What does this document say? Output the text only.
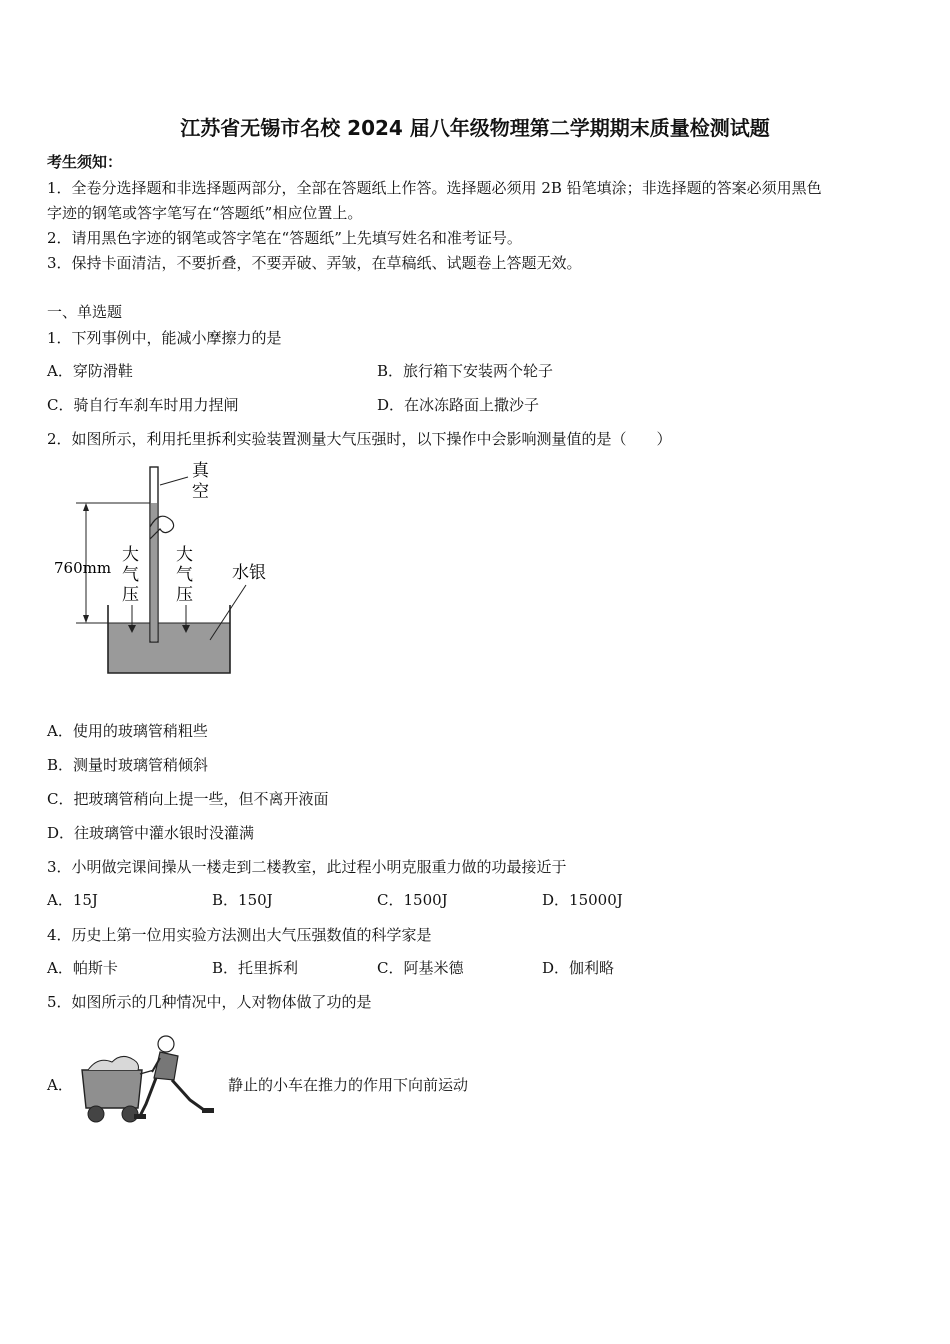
江苏省无锡市名校 2024 届八年级物理第二学期期末质量检测试题
考生须知：
1．全卷分选择题和非选择题两部分，全部在答题纸上作答。选择题必须用 2B 铅笔填涂；非选择题的答案必须用黑色
字迹的钢笔或答字笔写在“答题纸”相应位置上。
2．请用黑色字迹的钢笔或答字笔在“答题纸”上先填写姓名和准考证号。
3．保持卡面清洁，不要折叠，不要弄破、弄皱，在草稿纸、试题卷上答题无效。
一、单选题
1．下列事例中，能减小摩擦力的是
A．穿防滑鞋	B．旅行箱下安装两个轮子
C．骑自行车刹车时用力捏闸	D．在冰冻路面上撒沙子
2．如图所示，利用托里拆利实验装置测量大气压强时，以下操作中会影响测量值的是（　　）
760mm
真
空
大
气
压
大
气
压
水银
A．使用的玻璃管稍粗些
B．测量时玻璃管稍倾斜
C．把玻璃管稍向上提一些，但不离开液面
D．往玻璃管中灌水银时没灌满
3．小明做完课间操从一楼走到二楼教室，此过程小明克服重力做的功最接近于
A．15J	B．150J	C．1500J	D．15000J
4．历史上第一位用实验方法测出大气压强数值的科学家是
A．帕斯卡	B．托里拆利	C．阿基米德	D．伽利略
5．如图所示的几种情况中，人对物体做了功的是
A．	静止的小车在推力的作用下向前运动
